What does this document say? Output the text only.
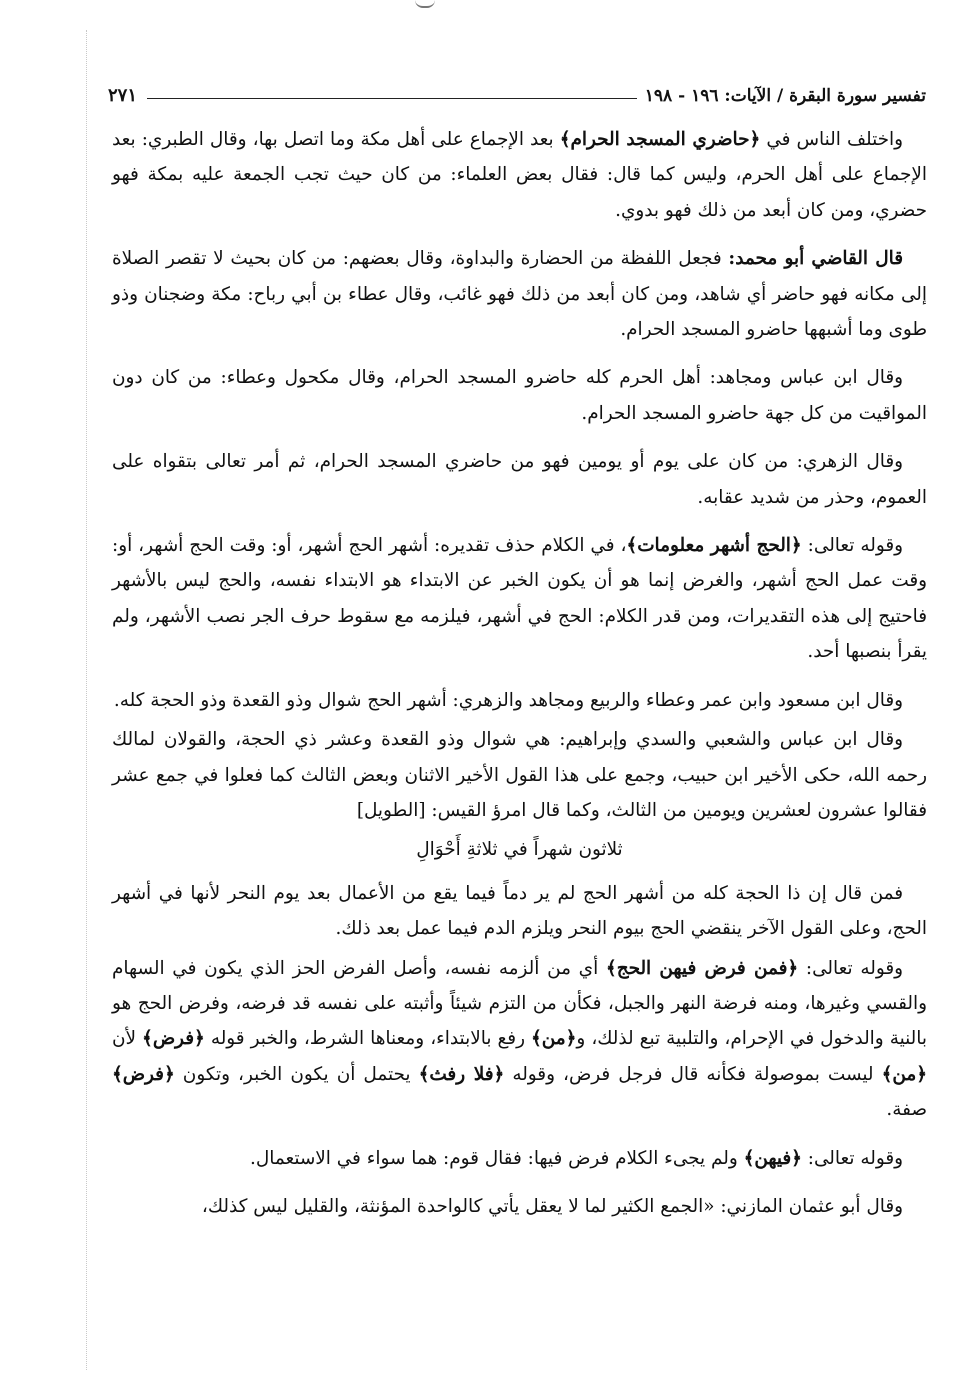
تفسير سورة البقرة / الآيات: ١٩٦ - ١٩٨
٢٧١

واختلف الناس في ﴿حاضري المسجد الحرام﴾ بعد الإجماع على أهل مكة وما اتصل بها، وقال الطبري: بعد الإجماع على أهل الحرم، وليس كما قال: فقال بعض العلماء: من كان حيث تجب الجمعة عليه بمكة فهو حضري، ومن كان أبعد من ذلك فهو بدوي.

قال القاضي أبو محمد: فجعل اللفظة من الحضارة والبداوة، وقال بعضهم: من كان بحيث لا تقصر الصلاة إلى مكانه فهو حاضر أي شاهد، ومن كان أبعد من ذلك فهو غائب، وقال عطاء بن أبي رباح: مكة وضجنان وذو طوى وما أشبهها حاضرو المسجد الحرام.

وقال ابن عباس ومجاهد: أهل الحرم كله حاضرو المسجد الحرام، وقال مكحول وعطاء: من كان دون المواقيت من كل جهة حاضرو المسجد الحرام.

وقال الزهري: من كان على يوم أو يومين فهو من حاضري المسجد الحرام، ثم أمر تعالى بتقواه على العموم، وحذر من شديد عقابه.

وقوله تعالى: ﴿الحج أشهر معلومات﴾، في الكلام حذف تقديره: أشهر الحج أشهر، أو: وقت الحج أشهر، أو: وقت عمل الحج أشهر، والغرض إنما هو أن يكون الخبر عن الابتداء هو الابتداء نفسه، والحج ليس بالأشهر فاحتيج إلى هذه التقديرات، ومن قدر الكلام: الحج في أشهر، فيلزمه مع سقوط حرف الجر نصب الأشهر، ولم يقرأ بنصبها أحد.

وقال ابن مسعود وابن عمر وعطاء والربيع ومجاهد والزهري: أشهر الحج شوال وذو القعدة وذو الحجة كله.

وقال ابن عباس والشعبي والسدي وإبراهيم: هي شوال وذو القعدة وعشر ذي الحجة، والقولان لمالك رحمه الله، حكى الأخير ابن حبيب، وجمع على هذا القول الأخير الاثنان وبعض الثالث كما فعلوا في جمع عشر فقالوا عشرون لعشرين ويومين من الثالث، وكما قال امرؤ القيس: [الطويل]

ثلاثون شهراً في ثلاثةِ أَحْوَالِ

فمن قال إن ذا الحجة كله من أشهر الحج لم ير دماً فيما يقع من الأعمال بعد يوم النحر لأنها في أشهر الحج، وعلى القول الآخر ينقضي الحج بيوم النحر ويلزم الدم فيما عمل بعد ذلك.

وقوله تعالى: ﴿فمن فرض فيهن الحج﴾ أي من ألزمه نفسه، وأصل الفرض الحز الذي يكون في السهام والقسي وغيرها، ومنه فرضة النهر والجبل، فكأن من التزم شيئاً وأثبته على نفسه قد فرضه، وفرض الحج هو بالنية والدخول في الإحرام، والتلبية تبع لذلك، و﴿من﴾ رفع بالابتداء، ومعناها الشرط، والخبر قوله ﴿فرض﴾ لأن ﴿من﴾ ليست بموصولة فكأنه قال فرجل فرض، وقوله ﴿فلا رفث﴾ يحتمل أن يكون الخبر، وتكون ﴿فرض﴾ صفة.

وقوله تعالى: ﴿فيهن﴾ ولم يجىء الكلام فرض فيها: فقال قوم: هما سواء في الاستعمال.

وقال أبو عثمان المازني: «الجمع الكثير لما لا يعقل يأتي كالواحدة المؤنثة، والقليل ليس كذلك،
